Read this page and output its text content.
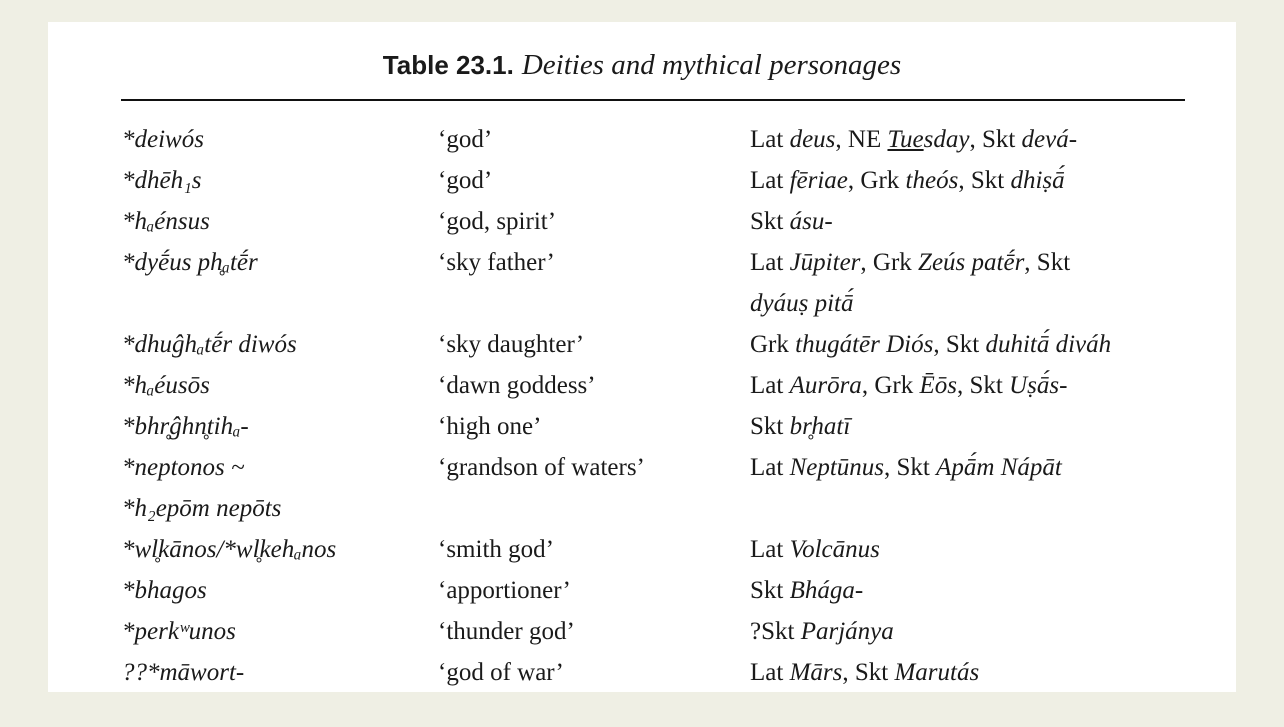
Table 23.1. Deities and mythical personages
*deiwós	‘god’	Lat deus, NE Tuesday, Skt devá-
*dhēh₁s	‘god’	Lat fēriae, Grk theós, Skt dhiṣā́
*hₐénsus	‘god, spirit’	Skt ásu-
*dyḗus ph̥ₐtḗr	‘sky father’	Lat Jūpiter, Grk Zeús patḗr, Skt
dyáuṣ pitā́
*dhuĝhₐtḗr diwós	‘sky daughter’	Grk thugátēr Diós, Skt duhitā́ diváh
*hₐéusōs	‘dawn goddess’	Lat Aurōra, Grk Ēōs, Skt Uṣā́s-
*bhr̥ĝhn̥tihₐ-	‘high one’	Skt br̥hatī
*neptonos ~	‘grandson of waters’	Lat Neptūnus, Skt Apā́m Nápāt
*h₂epōm nepōts
*wl̥kānos/*wl̥kehₐnos	‘smith god’	Lat Volcānus
*bhagos	‘apportioner’	Skt Bhága-
*perkʷunos	‘thunder god’	?Skt Parjánya
??*māwort-	‘god of war’	Lat Mārs, Skt Marutás
